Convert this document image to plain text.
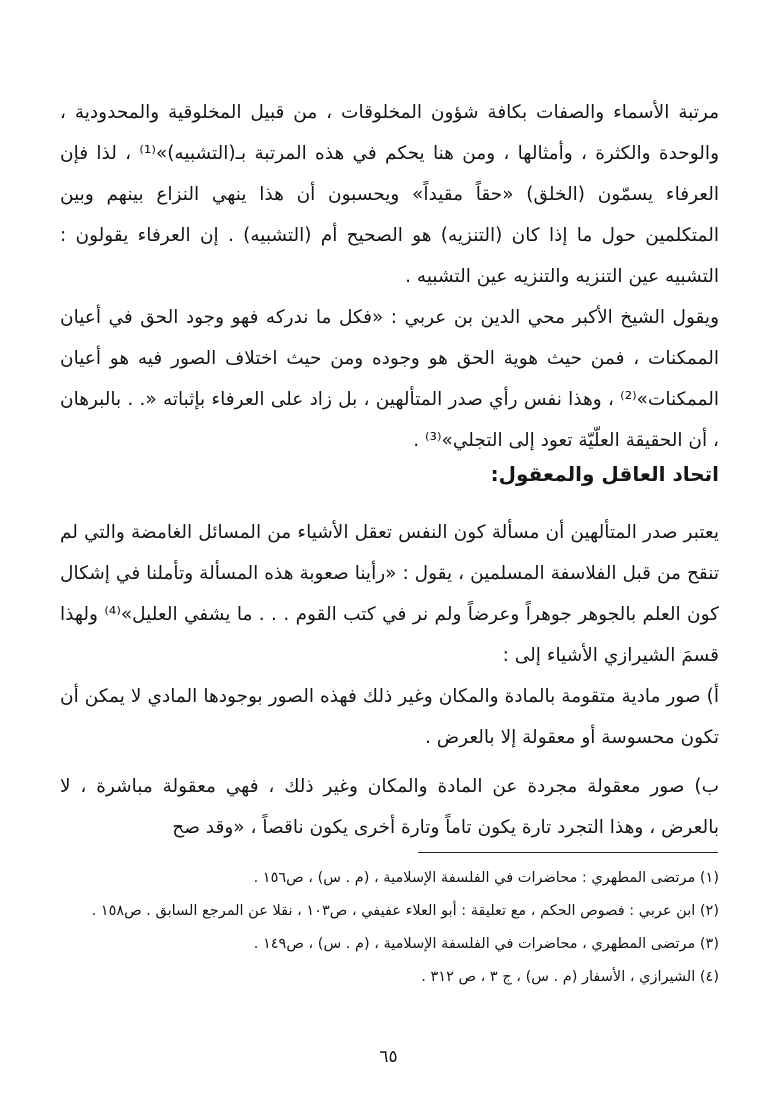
مرتبة الأسماء والصفات بكافة شؤون المخلوقات ، من قبيل المخلوقية والمحدودية ، والوحدة والكثرة ، وأمثالها ، ومن هنا يحكم في هذه المرتبة بـ(التشبيه)»⁽¹⁾ ، لذا فإن العرفاء يسمّون (الخلق) «حقاً مقيداً» ويحسبون أن هذا ينهي النزاع بينهم وبين المتكلمين حول ما إذا كان (التنزيه) هو الصحيح أم (التشبيه) . إن العرفاء يقولون : التشبيه عين التنزيه والتنزيه عين التشبيه .

ويقول الشيخ الأكبر محي الدين بن عربي : «فكل ما ندركه فهو وجود الحق في أعيان الممكنات ، فمن حيث هوية الحق هو وجوده ومن حيث اختلاف الصور فيه هو أعيان الممكنات»⁽²⁾ ، وهذا نفس رأي صدر المتألهين ، بل زاد على العرفاء بإثباته «. . بالبرهان ، أن الحقيقة العلّيّة تعود إلى التجلي»⁽³⁾ .

اتحاد العاقل والمعقول:

يعتبر صدر المتألهين أن مسألة كون النفس تعقل الأشياء من المسائل الغامضة والتي لم تنقح من قبل الفلاسفة المسلمين ، يقول : «رأينا صعوبة هذه المسألة وتأملنا في إشكال كون العلم بالجوهر جوهراً وعرضاً ولم نر في كتب القوم . . . ما يشفي العليل»⁽⁴⁾ ولهذا قسمَ الشيرازي الأشياء إلى :

أ) صور مادية متقومة بالمادة والمكان وغير ذلك فهذه الصور بوجودها المادي لا يمكن أن تكون محسوسة أو معقولة إلا بالعرض .

ب) صور معقولة مجردة عن المادة والمكان وغير ذلك ، فهي معقولة مباشرة ، لا بالعرض ، وهذا التجرد تارة يكون تاماً وتارة أخرى يكون ناقصاً ، «وقد صح

(١) مرتضى المطهري : محاضرات في الفلسفة الإسلامية ، (م . س) ، ص١٥٦ .

(٢) ابن عربي : فصوص الحكم ، مع تعليقة : أبو العلاء عفيفي ، ص١٠٣ ، نقلا عن المرجع السابق . ص١٥٨ .

(٣) مرتضى المطهري ، محاضرات في الفلسفة الإسلامية ، (م . س) ، ص١٤٩ .

(٤) الشيرازي ، الأسفار (م . س) ، ج ٣ ، ص ٣١٢ .

٦٥
